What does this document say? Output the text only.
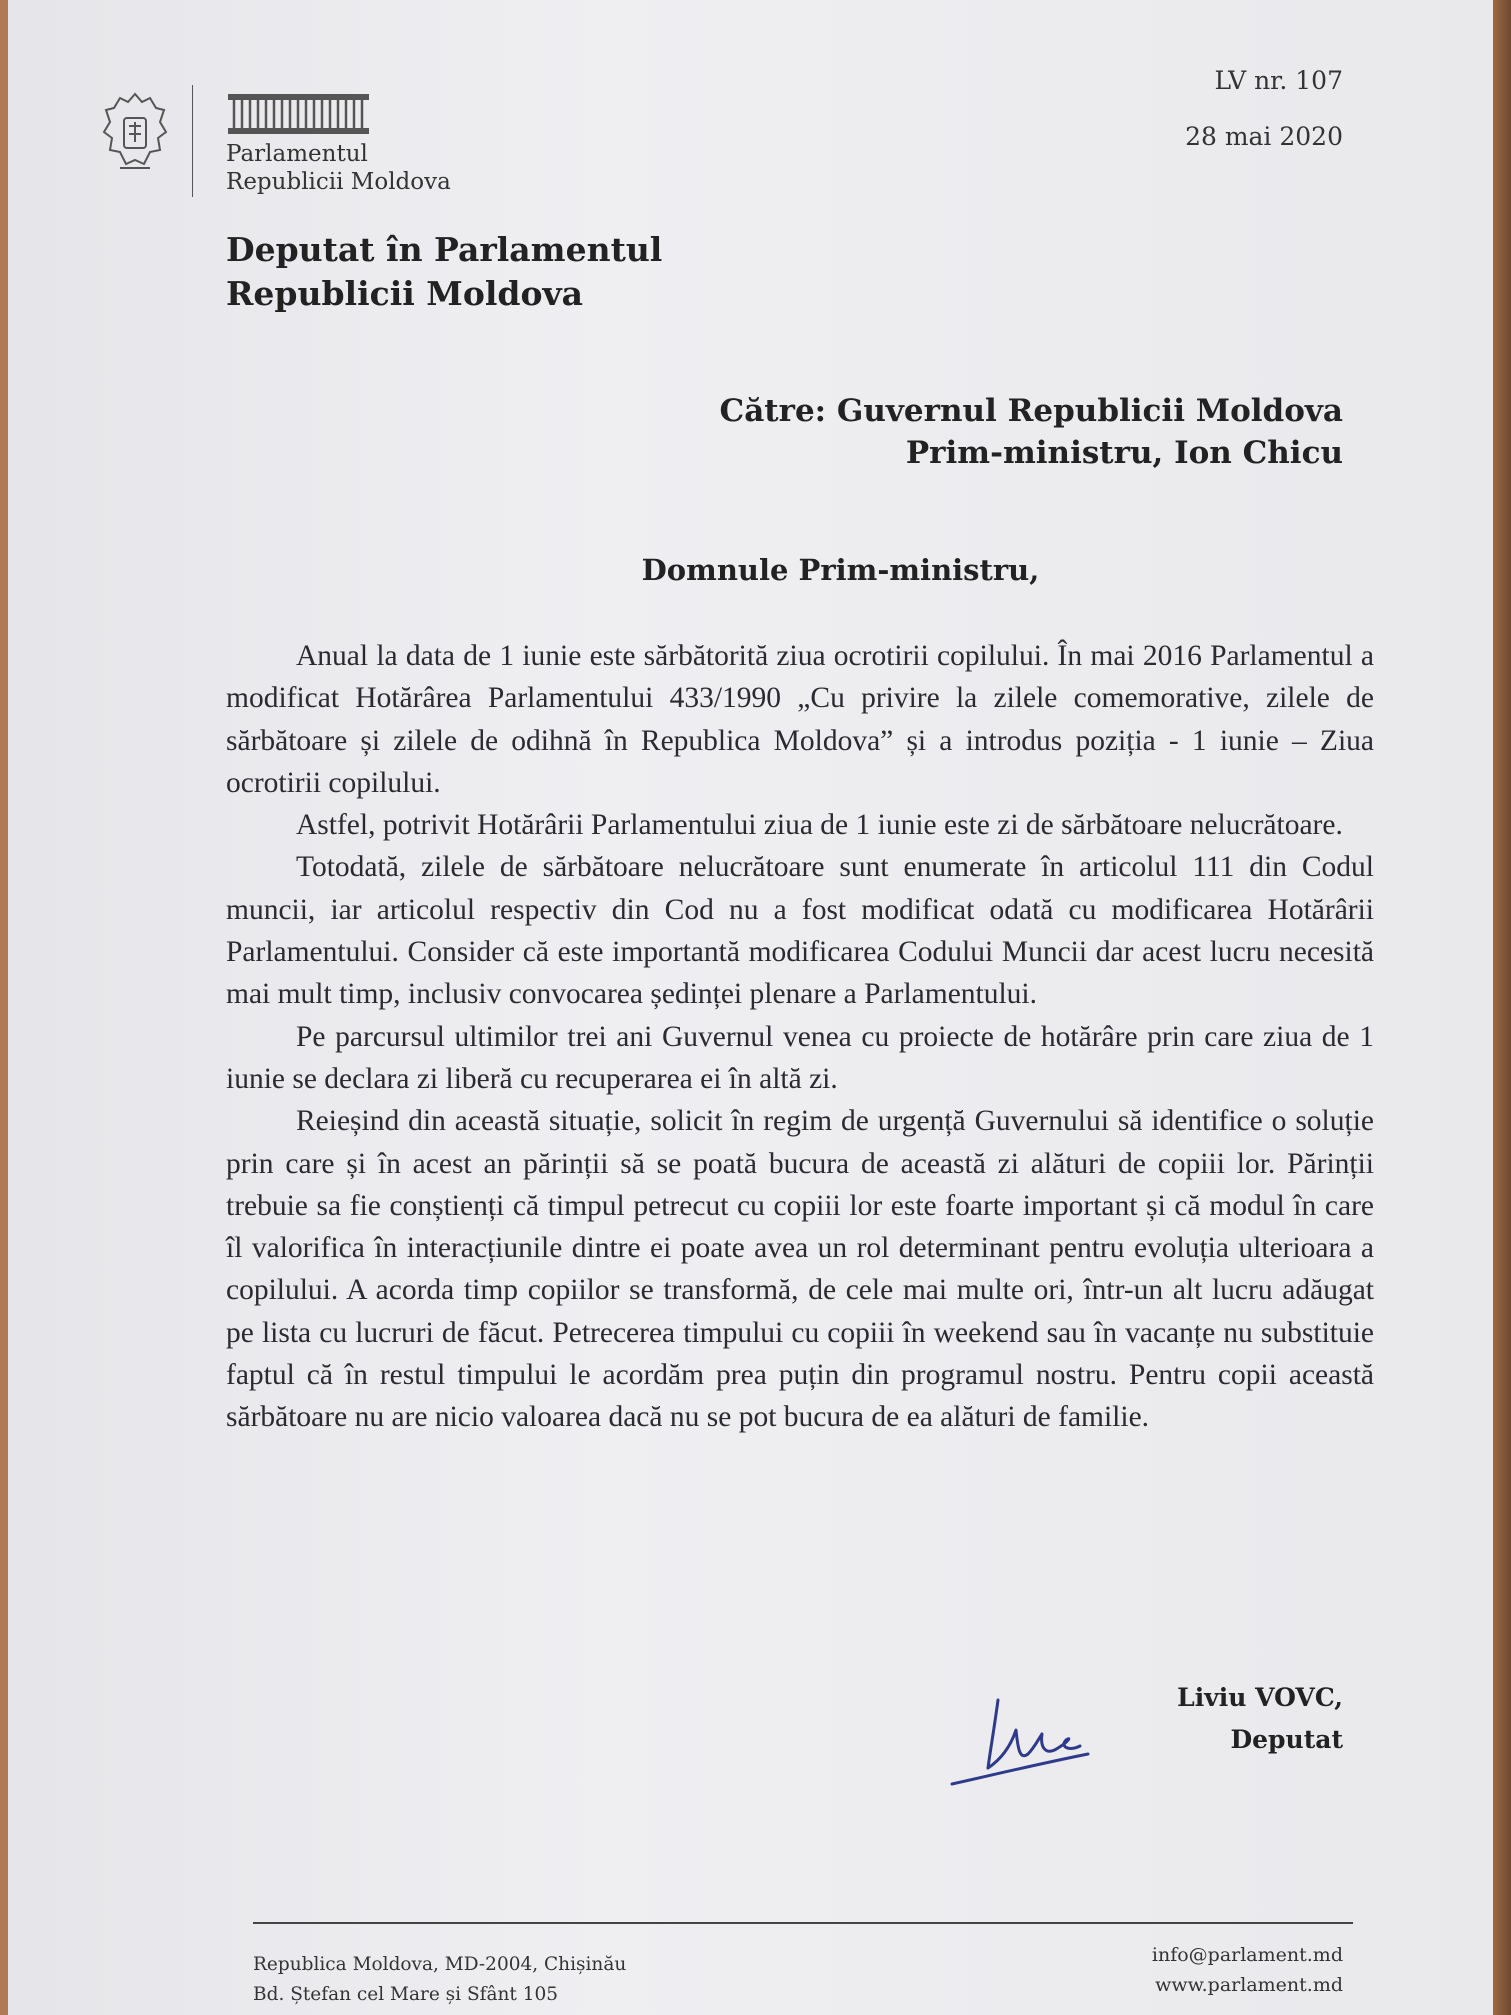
Parlamentul
Republicii Moldova
LV nr. 107
28 mai 2020
Deputat în Parlamentul
Republicii Moldova
Către: Guvernul Republicii Moldova
Prim-ministru, Ion Chicu
Domnule Prim-ministru,

Anual la data de 1 iunie este sărbătorită ziua ocrotirii copilului. În mai 2016 Parlamentul a modificat Hotărârea Parlamentului 433/1990 „Cu privire la zilele comemorative, zilele de sărbătoare și zilele de odihnă în Republica Moldova” și a introdus poziția - 1 iunie – Ziua ocrotirii copilului.

Astfel, potrivit Hotărârii Parlamentului ziua de 1 iunie este zi de sărbătoare nelucrătoare.

Totodată, zilele de sărbătoare nelucrătoare sunt enumerate în articolul 111 din Codul muncii, iar articolul respectiv din Cod nu a fost modificat odată cu modificarea Hotărârii Parlamentului. Consider că este importantă modificarea Codului Muncii dar acest lucru necesită mai mult timp, inclusiv convocarea ședinței plenare a Parlamentului.

Pe parcursul ultimilor trei ani Guvernul venea cu proiecte de hotărâre prin care ziua de 1 iunie se declara zi liberă cu recuperarea ei în altă zi.

Reieșind din această situație, solicit în regim de urgență Guvernului să identifice o soluție prin care și în acest an părinții să se poată bucura de această zi alături de copiii lor. Părinții trebuie sa fie conștienți că timpul petrecut cu copiii lor este foarte important și că modul în care îl valorifica în interacțiunile dintre ei poate avea un rol determinant pentru evoluția ulterioara a copilului. A acorda timp copiilor se transformă, de cele mai multe ori, într-un alt lucru adăugat pe lista cu lucruri de făcut. Petrecerea timpului cu copiii în weekend sau în vacanțe nu substituie faptul că în restul timpului le acordăm prea puțin din programul nostru. Pentru copii această sărbătoare nu are nicio valoarea dacă nu se pot bucura de ea alături de familie.

Liviu VOVC,
Deputat
Republica Moldova, MD-2004, Chișinău
Bd. Ștefan cel Mare și Sfânt 105
info@parlament.md
www.parlament.md
